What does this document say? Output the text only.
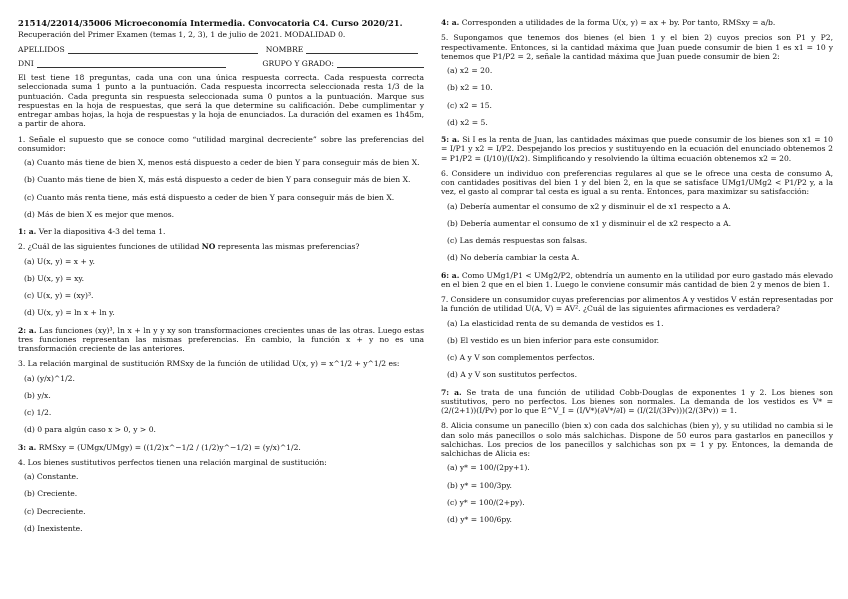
21514/22014/35006 Microeconomía Intermedia. Convocatoria C4. Curso 2020/21.
Recuperación del Primer Examen (temas 1, 2, 3), 1 de julio de 2021. MODALIDAD 0.
APELLIDOS	NOMBRE
DNI	GRUPO Y GRADO:
El test tiene 18 preguntas, cada una con una única respuesta correcta. Cada respuesta correcta seleccionada suma 1 punto a la puntuación. Cada respuesta incorrecta seleccionada resta 1/3 de la puntuación. Cada pregunta sin respuesta seleccionada suma 0 puntos a la puntuación. Marque sus respuestas en la hoja de respuestas, que será la que determine su calificación. Debe cumplimentar y entregar ambas hojas, la hoja de respuestas y la hoja de enunciados. La duración del examen es 1h45m, a partir de ahora.
1. Señale el supuesto que se conoce como “utilidad marginal decreciente” sobre las preferencias del consumidor:
(a) Cuanto más tiene de bien X, menos está dispuesto a ceder de bien Y para conseguir más de bien X.
(b) Cuanto más tiene de bien X, más está dispuesto a ceder de bien Y para conseguir más de bien X.
(c) Cuanto más renta tiene, más está dispuesto a ceder de bien Y para conseguir más de bien X.
(d) Más de bien X es mejor que menos.
1: a. Ver la diapositiva 4-3 del tema 1.
2. ¿Cuál de las siguientes funciones de utilidad NO representa las mismas preferencias?
(a) U(x, y) = x + y.
(b) U(x, y) = xy.
(c) U(x, y) = (xy)³.
(d) U(x, y) = ln x + ln y.
2: a. Las funciones (xy)³, ln x + ln y y xy son transformaciones crecientes unas de las otras. Luego estas tres funciones representan las mismas preferencias. En cambio, la función x + y no es una transformación creciente de las anteriores.
3. La relación marginal de sustitución RMSxy de la función de utilidad U(x, y) = x^1/2 + y^1/2 es:
(a) (y/x)^1/2.
(b) y/x.
(c) 1/2.
(d) 0 para algún caso x > 0, y > 0.
3: a. RMSxy = (UMgx/UMgy) = ((1/2)x^−1/2 / (1/2)y^−1/2) = (y/x)^1/2.
4. Los bienes sustitutivos perfectos tienen una relación marginal de sustitución:
(a) Constante.
(b) Creciente.
(c) Decreciente.
(d) Inexistente.
4: a. Corresponden a utilidades de la forma U(x, y) = ax + by. Por tanto, RMSxy = a/b.
5. Supongamos que tenemos dos bienes (el bien 1 y el bien 2) cuyos precios son P1 y P2, respectivamente. Entonces, si la cantidad máxima que Juan puede consumir de bien 1 es x1 = 10 y tenemos que P1/P2 = 2, señale la cantidad máxima que Juan puede consumir de bien 2:
(a) x2 = 20.
(b) x2 = 10.
(c) x2 = 15.
(d) x2 = 5.
5: a. Si I es la renta de Juan, las cantidades máximas que puede consumir de los bienes son x1 = 10 = I/P1 y x2 = I/P2. Despejando los precios y sustituyendo en la ecuación del enunciado obtenemos 2 = P1/P2 = (I/10)/(I/x2). Simplificando y resolviendo la última ecuación obtenemos x2 = 20.
6. Considere un individuo con preferencias regulares al que se le ofrece una cesta de consumo A, con cantidades positivas del bien 1 y del bien 2, en la que se satisface UMg1/UMg2 < P1/P2 y, a la vez, el gasto al comprar tal cesta es igual a su renta. Entonces, para maximizar su satisfacción:
(a) Debería aumentar el consumo de x2 y disminuir el de x1 respecto a A.
(b) Debería aumentar el consumo de x1 y disminuir el de x2 respecto a A.
(c) Las demás respuestas son falsas.
(d) No debería cambiar la cesta A.
6: a. Como UMg1/P1 < UMg2/P2, obtendría un aumento en la utilidad por euro gastado más elevado en el bien 2 que en el bien 1. Luego le conviene consumir más cantidad de bien 2 y menos de bien 1.
7. Considere un consumidor cuyas preferencias por alimentos A y vestidos V están representadas por la función de utilidad U(A, V) = AV². ¿Cuál de las siguientes afirmaciones es verdadera?
(a) La elasticidad renta de su demanda de vestidos es 1.
(b) El vestido es un bien inferior para este consumidor.
(c) A y V son complementos perfectos.
(d) A y V son sustitutos perfectos.
7: a. Se trata de una función de utilidad Cobb-Douglas de exponentes 1 y 2. Los bienes son sustitutivos, pero no perfectos. Los bienes son normales. La demanda de los vestidos es V* = (2/(2+1))(I/Pv) por lo que E^V_I = (I/V*)(∂V*/∂I) = (I/(2I/(3Pv)))(2/(3Pv)) = 1.
8. Alicia consume un panecillo (bien x) con cada dos salchichas (bien y), y su utilidad no cambia si le dan solo más panecillos o solo más salchichas. Dispone de 50 euros para gastarlos en panecillos y salchichas. Los precios de los panecillos y salchichas son px = 1 y py. Entonces, la demanda de salchichas de Alicia es:
(a) y* = 100/(2py+1).
(b) y* = 100/3py.
(c) y* = 100/(2+py).
(d) y* = 100/6py.
